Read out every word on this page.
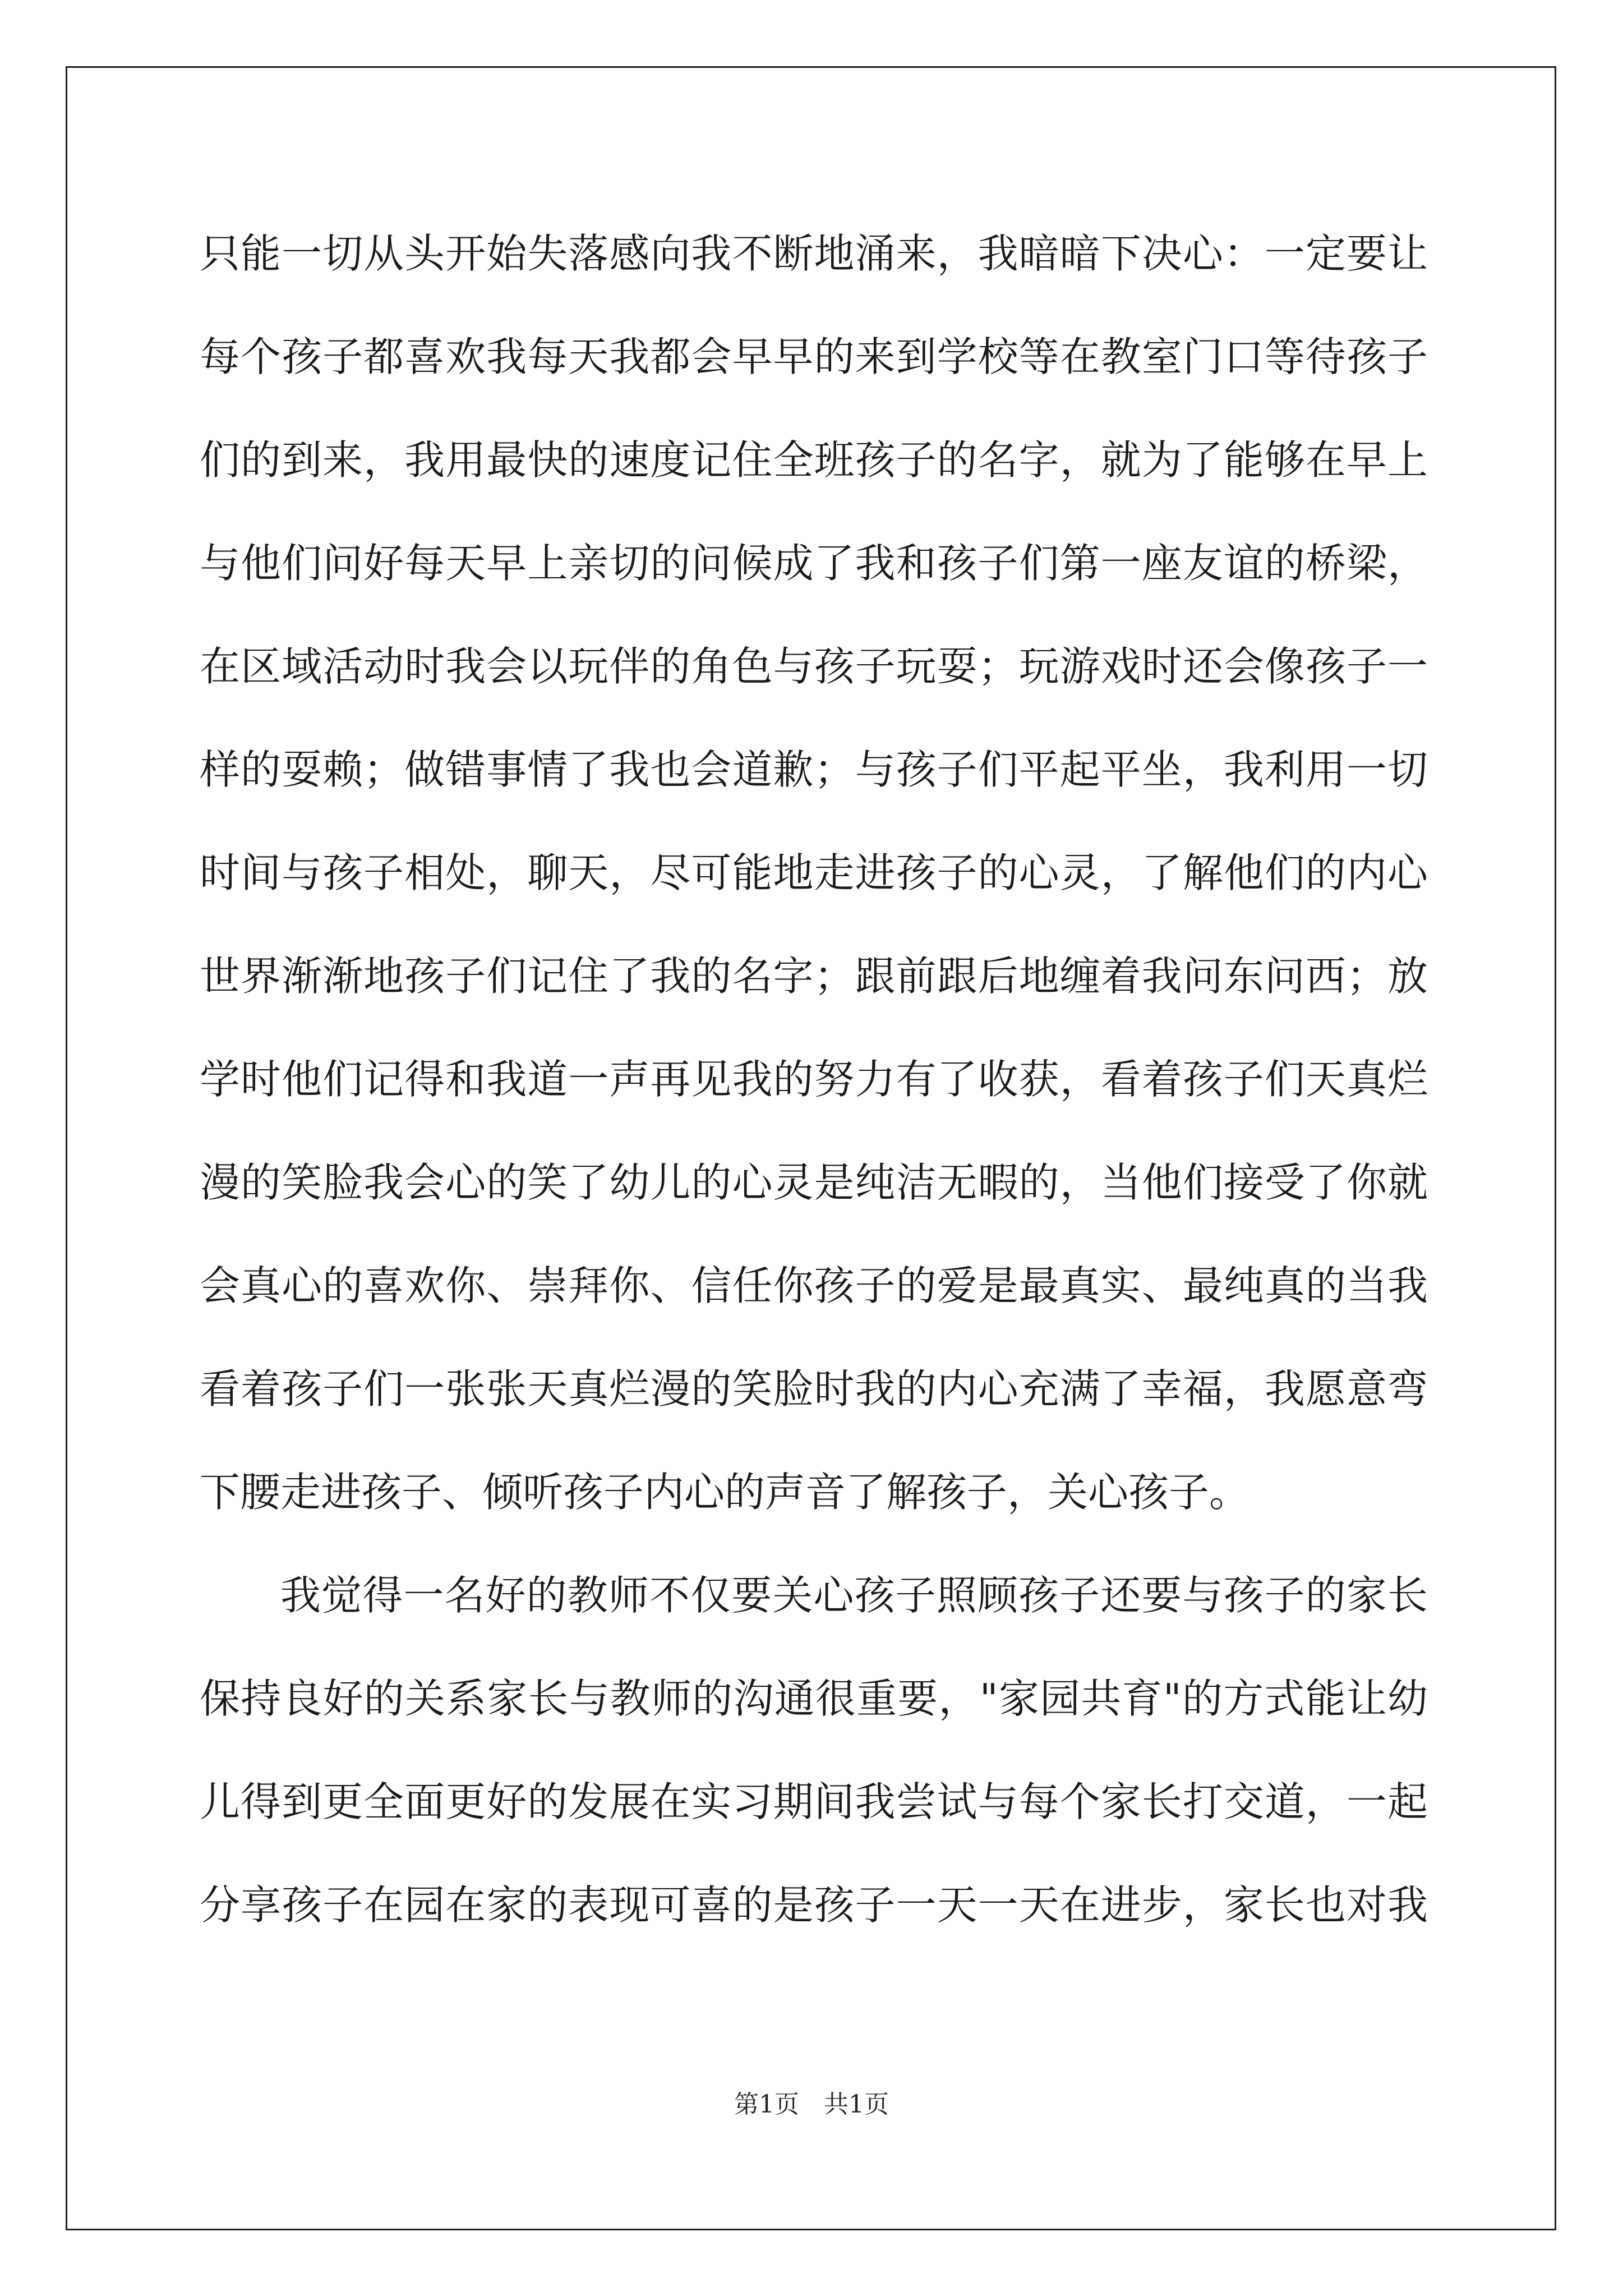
只能一切从头开始失落感向我不断地涌来，我暗暗下决心：一定要让
每个孩子都喜欢我每天我都会早早的来到学校等在教室门口等待孩子
们的到来，我用最快的速度记住全班孩子的名字，就为了能够在早上
与他们问好每天早上亲切的问候成了我和孩子们第一座友谊的桥梁，
在区域活动时我会以玩伴的角色与孩子玩耍；玩游戏时还会像孩子一
样的耍赖；做错事情了我也会道歉；与孩子们平起平坐，我利用一切
时间与孩子相处，聊天，尽可能地走进孩子的心灵，了解他们的内心
世界渐渐地孩子们记住了我的名字；跟前跟后地缠着我问东问西；放
学时他们记得和我道一声再见我的努力有了收获，看着孩子们天真烂
漫的笑脸我会心的笑了幼儿的心灵是纯洁无暇的，当他们接受了你就
会真心的喜欢你、崇拜你、信任你孩子的爱是最真实、最纯真的当我
看着孩子们一张张天真烂漫的笑脸时我的内心充满了幸福，我愿意弯
下腰走进孩子、倾听孩子内心的声音了解孩子，关心孩子。
我觉得一名好的教师不仅要关心孩子照顾孩子还要与孩子的家长
保持良好的关系家长与教师的沟通很重要，"家园共育"的方式能让幼
儿得到更全面更好的发展在实习期间我尝试与每个家长打交道，一起
分享孩子在园在家的表现可喜的是孩子一天一天在进步，家长也对我
第1页　共1页
